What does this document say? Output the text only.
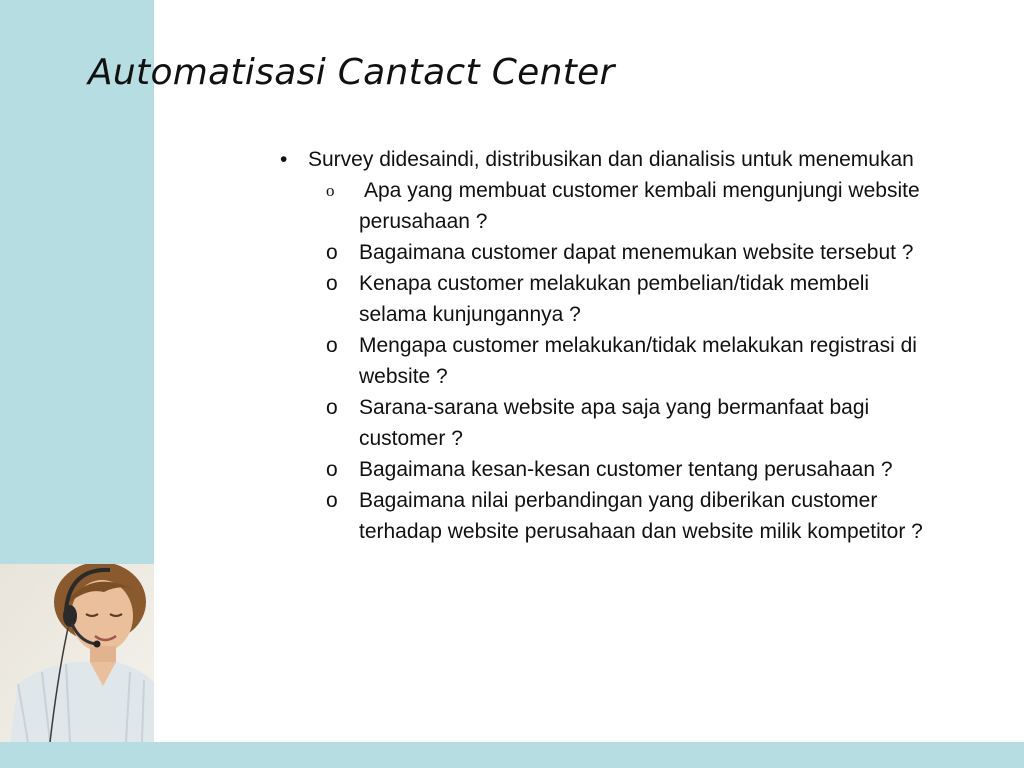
Automatisasi Cantact Center
• Survey didesaindi, distribusikan dan dianalisis untuk menemukan
ο Apa yang membuat customer kembali mengunjungi website perusahaan ?
o Bagaimana customer dapat menemukan website tersebut ?
o Kenapa customer melakukan pembelian/tidak membeli selama kunjungannya ?
o Mengapa customer melakukan/tidak melakukan registrasi di website ?
o Sarana-sarana website apa saja yang bermanfaat bagi customer ?
o Bagaimana kesan-kesan customer tentang perusahaan ?
o Bagaimana nilai perbandingan yang diberikan customer terhadap website perusahaan dan website milik kompetitor ?
